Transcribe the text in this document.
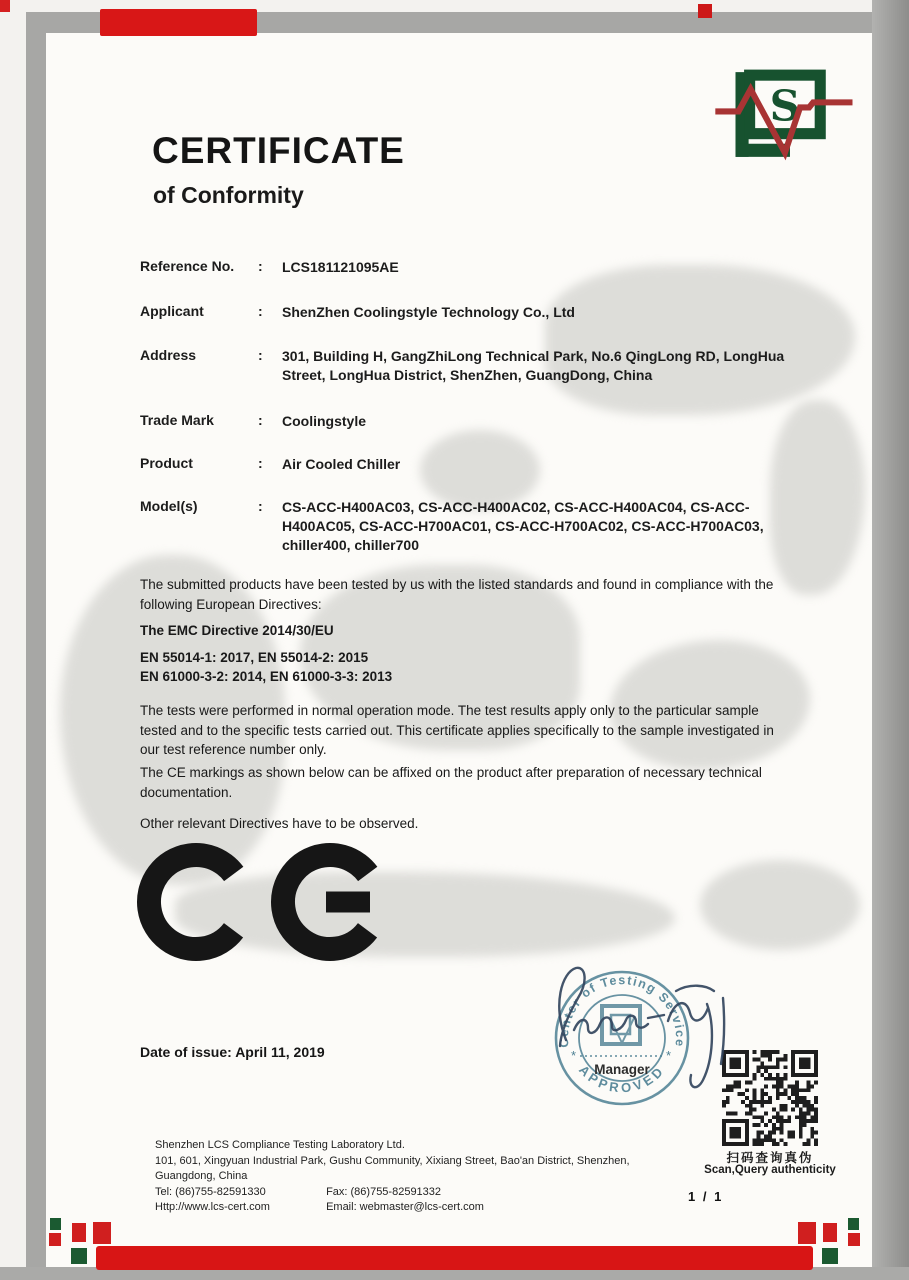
S
CERTIFICATE
of Conformity
Reference No.	:	LCS181121095AE
Applicant	:	ShenZhen Coolingstyle Technology Co., Ltd
Address	:	301, Building H, GangZhiLong Technical Park, No.6 QingLong RD, LongHua Street, LongHua District, ShenZhen, GuangDong, China
Trade Mark	:	Coolingstyle
Product	:	Air Cooled Chiller
Model(s)	:	CS-ACC-H400AC03, CS-ACC-H400AC02, CS-ACC-H400AC04, CS-ACC-H400AC05, CS-ACC-H700AC01, CS-ACC-H700AC02, CS-ACC-H700AC03, chiller400, chiller700
The submitted products have been tested by us with the listed standards and found in compliance with the following European Directives:
The EMC Directive 2014/30/EU
EN 55014-1: 2017, EN 55014-2: 2015
EN 61000-3-2: 2014, EN 61000-3-3: 2013
The tests were performed in normal operation mode. The test results apply only to the particular sample tested and to the specific tests carried out. This certificate applies specifically to the sample investigated in our test reference number only.
The CE markings as shown below can be affixed on the product after preparation of necessary technical documentation.
Other relevant Directives have to be observed.
Date of issue: April 11, 2019
扫码查询真伪
Scan,Query authenticity
Shenzhen LCS Compliance Testing Laboratory Ltd.
101, 601, Xingyuan Industrial Park, Gushu Community, Xixiang Street, Bao'an District, Shenzhen,
Guangdong, China
Tel: (86)755-82591330	Fax: (86)755-82591332
Http://www.lcs-cert.com	Email: webmaster@lcs-cert.com
1 / 1
Center of Testing Service
APPROVED
*	*
Manager
